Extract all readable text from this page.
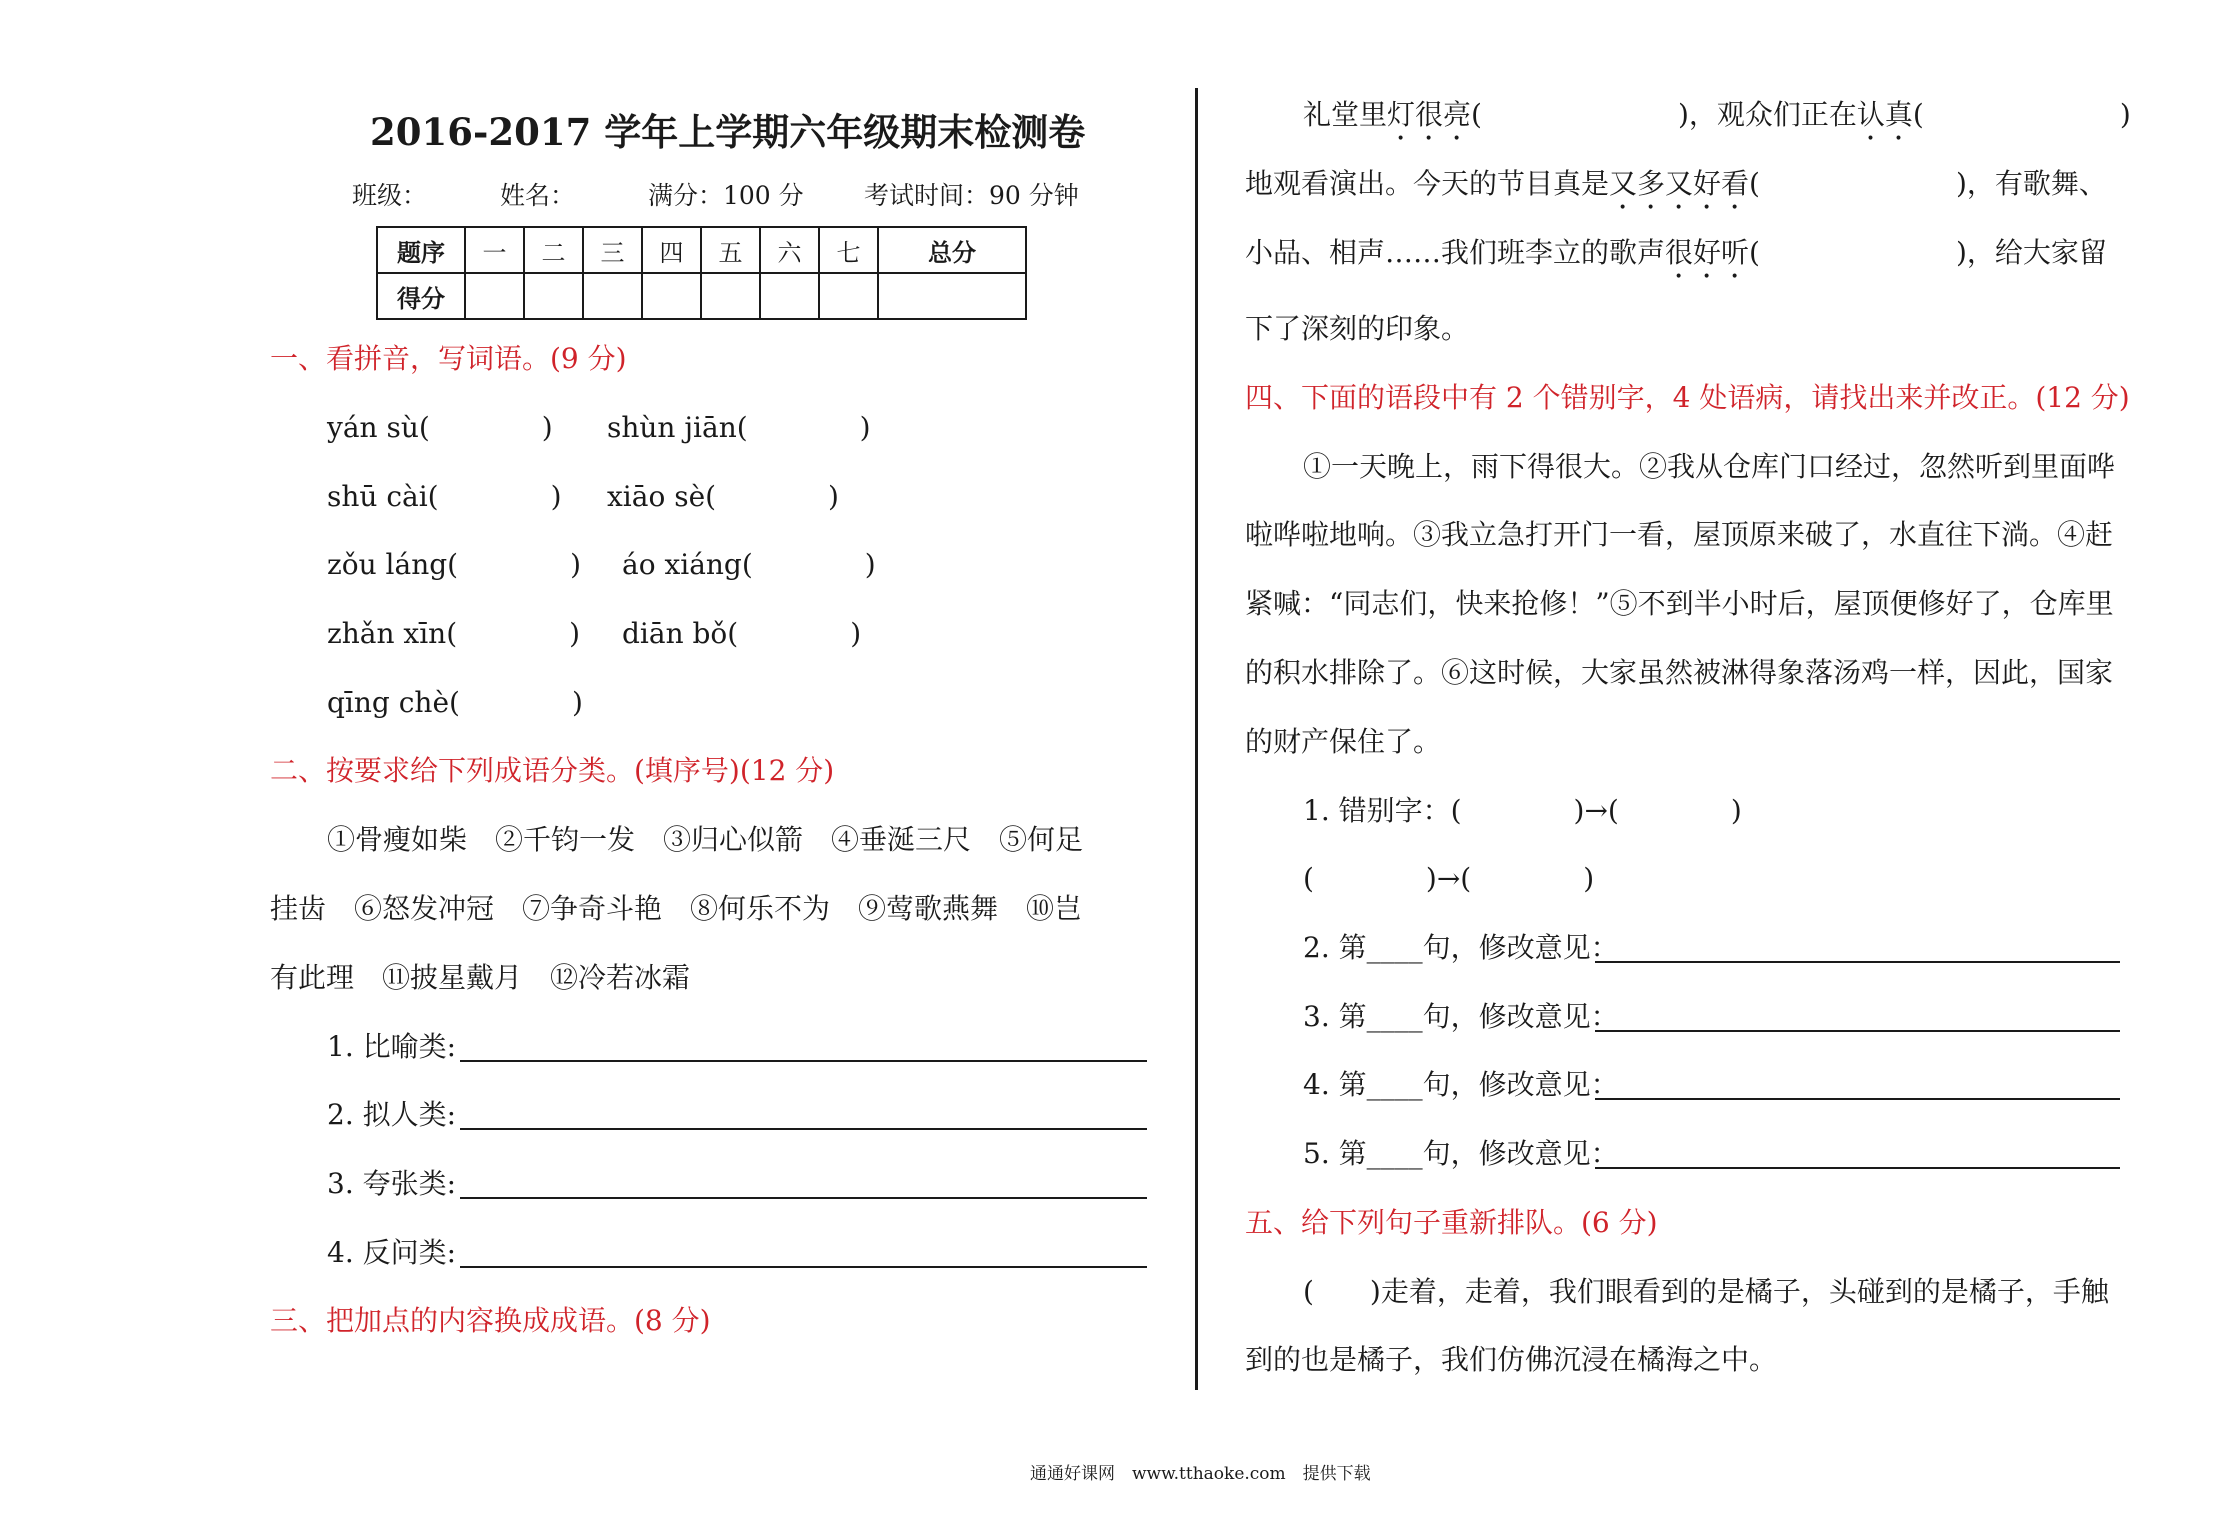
2016-2017 学年上学期六年级期末检测卷
班级：	姓名：	满分：100 分 考试时间：90 分钟
题序	一	二	三	四	五	六	七	总分
得分								
一、看拼音，写词语。(9 分)
yán sù(　　　　) shùn jiān(　　　　)
shū cài(　　　　) xiāo sè(　　　　)
zǒu láng(　　　　) áo xiáng(　　　　)
zhǎn xīn(　　　　) diān bǒ(　　　　)
qīng chè(　　　　)
二、按要求给下列成语分类。(填序号)(12 分)
①骨瘦如柴　②千钧一发　③归心似箭　④垂涎三尺　⑤何足
挂齿　⑥怒发冲冠　⑦争奇斗艳　⑧何乐不为　⑨莺歌燕舞　⑩岂
有此理　⑪披星戴月　⑫冷若冰霜
1. 比喻类:
2. 拟人类:
3. 夸张类:
4. 反问类:
三、把加点的内容换成成语。(8 分)
礼堂里灯很亮(　　　　　　　)，观众们正在认真(　　　　　　　)
地观看演出。今天的节目真是又多又好看(　　　　　　　)，有歌舞、
小品、相声……我们班李立的歌声很好听(　　　　　　　)，给大家留
下了深刻的印象。
四、下面的语段中有 2 个错别字，4 处语病，请找出来并改正。(12 分)
①一天晚上，雨下得很大。②我从仓库门口经过，忽然听到里面哗
啦哗啦地响。③我立急打开门一看，屋顶原来破了，水直往下淌。④赶
紧喊：“同志们，快来抢修！”⑤不到半小时后，屋顶便修好了，仓库里
的积水排除了。⑥这时候，大家虽然被淋得象落汤鸡一样，因此，国家
的财产保住了。
1. 错别字：(　　　　)→(　　　　)
(　　　　)→(　　　　)
2. 第____句，修改意见：
3. 第____句，修改意见：
4. 第____句，修改意见：
5. 第____句，修改意见：
五、给下列句子重新排队。(6 分)
(　　)走着，走着，我们眼看到的是橘子，头碰到的是橘子，手触
到的也是橘子，我们仿佛沉浸在橘海之中。
通通好课网　www.tthaoke.com　提供下载
